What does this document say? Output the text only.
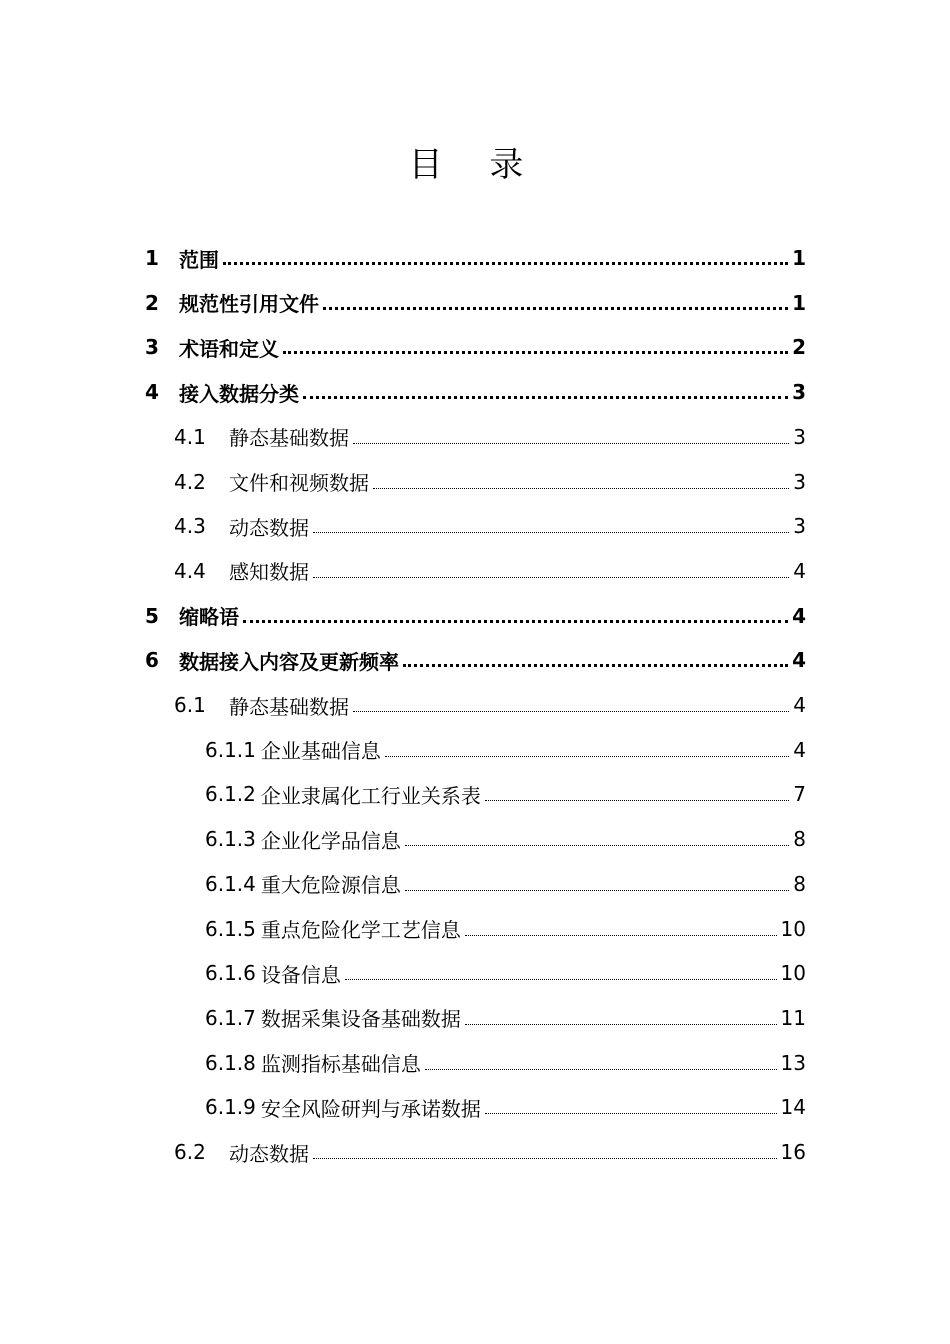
目 录
1	范围	1
2	规范性引用文件	1
3	术语和定义	2
4	接入数据分类	3
4.1	静态基础数据	3
4.2	文件和视频数据	3
4.3	动态数据	3
4.4	感知数据	4
5	缩略语	4
6	数据接入内容及更新频率	4
6.1	静态基础数据	4
6.1.1 企业基础信息	4
6.1.2 企业隶属化工行业关系表	7
6.1.3 企业化学品信息	8
6.1.4 重大危险源信息	8
6.1.5 重点危险化学工艺信息	10
6.1.6 设备信息	10
6.1.7 数据采集设备基础数据	11
6.1.8 监测指标基础信息	13
6.1.9 安全风险研判与承诺数据	14
6.2	动态数据	16
